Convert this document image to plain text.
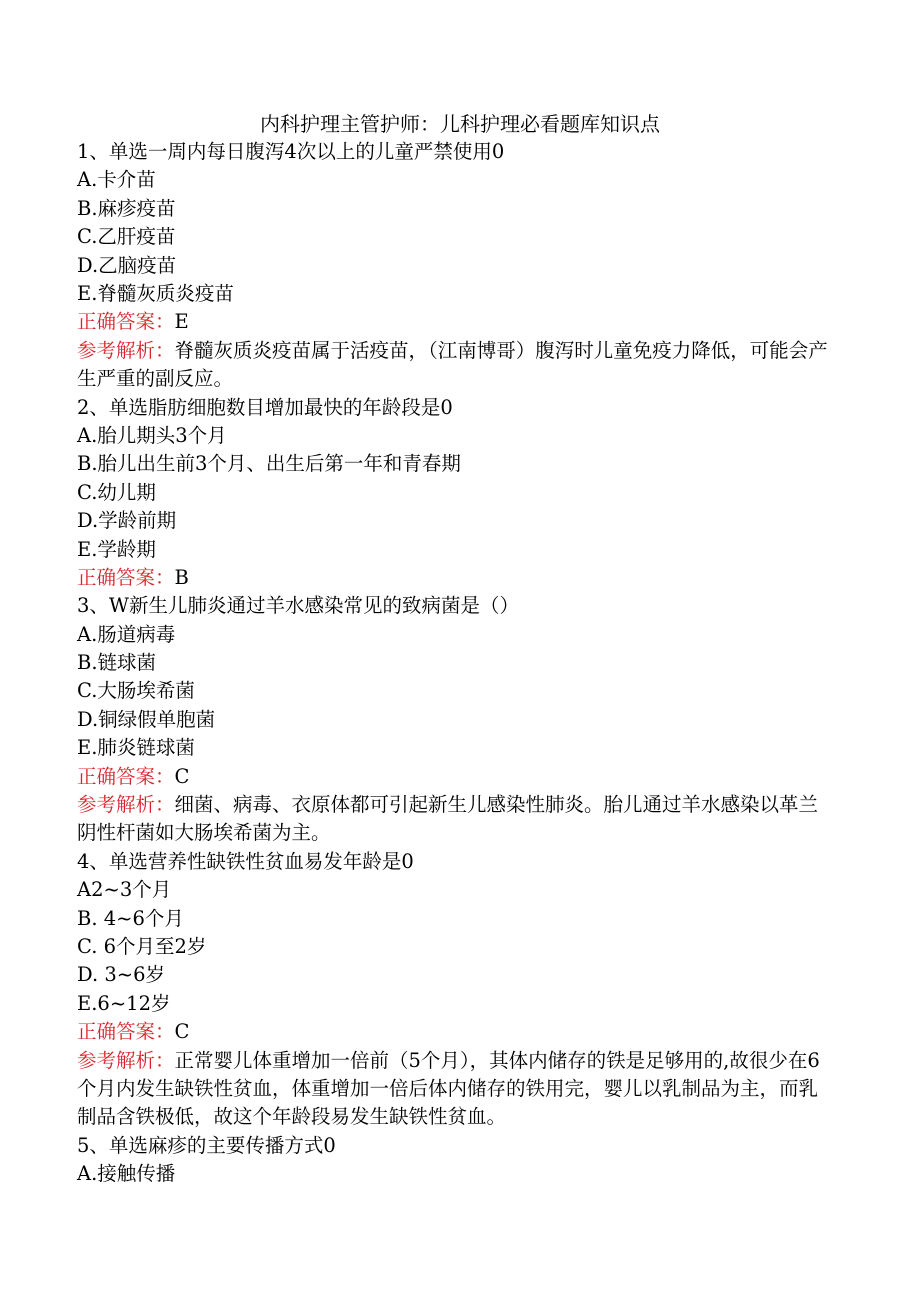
内科护理主管护师：儿科护理必看题库知识点
1、单选一周内每日腹泻4次以上的儿童严禁使用0
A.卡介苗
B.麻疹疫苗
C.乙肝疫苗
D.乙脑疫苗
E.脊髓灰质炎疫苗
正确答案：E
参考解析：脊髓灰质炎疫苗属于活疫苗，（江南博哥）腹泻时儿童免疫力降低，可能会产生严重的副反应。
2、单选脂肪细胞数目增加最快的年龄段是0
A.胎儿期头3个月
B.胎儿出生前3个月、出生后第一年和青春期
C.幼儿期
D.学龄前期
E.学龄期
正确答案：B
3、W新生儿肺炎通过羊水感染常见的致病菌是（）
A.肠道病毒
B.链球菌
C.大肠埃希菌
D.铜绿假单胞菌
E.肺炎链球菌
正确答案：C
参考解析：细菌、病毒、衣原体都可引起新生儿感染性肺炎。胎儿通过羊水感染以革兰阴性杆菌如大肠埃希菌为主。
4、单选营养性缺铁性贫血易发年龄是0
A2~3个月
B. 4~6个月
C. 6个月至2岁
D. 3~6岁
E.6~12岁
正确答案：C
参考解析：正常婴儿体重增加一倍前（5个月），其体内储存的铁是足够用的,故很少在6个月内发生缺铁性贫血，体重增加一倍后体内储存的铁用完，婴儿以乳制品为主，而乳制品含铁极低，故这个年龄段易发生缺铁性贫血。
5、单选麻疹的主要传播方式0
A.接触传播
